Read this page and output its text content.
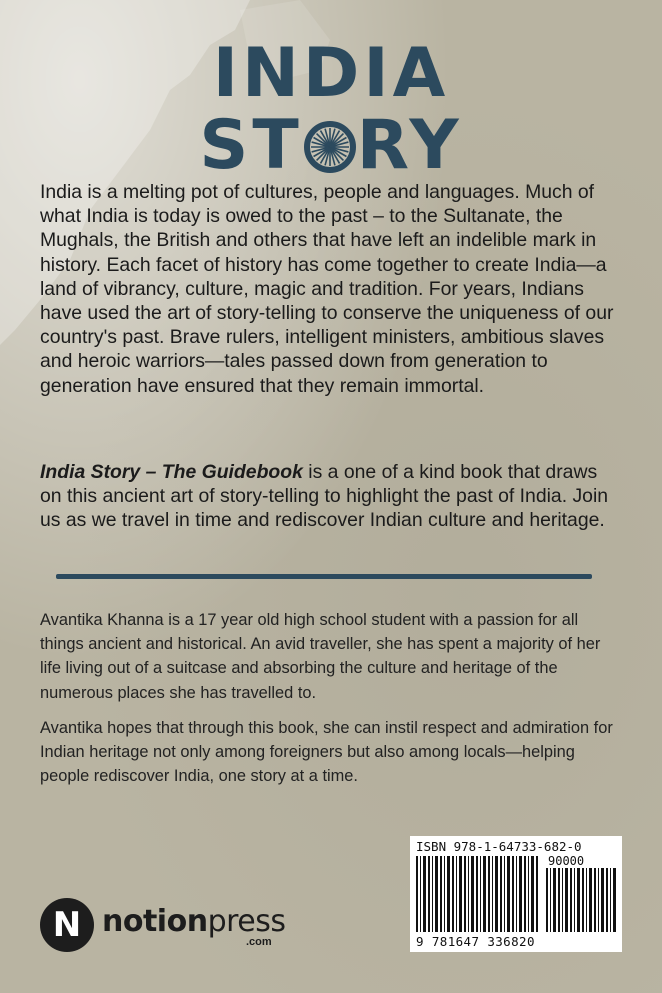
INDIA
ST RY
India is a melting pot of cultures, people and languages. Much of what India is today is owed to the past – to the Sultanate, the Mughals, the British and others that have left an indelible mark in history. Each facet of history has come together to create India—a land of vibrancy, culture, magic and tradition. For years, Indians have used the art of story-telling to conserve the uniqueness of our country's past. Brave rulers, intelligent ministers, ambitious slaves and heroic warriors—tales passed down from generation to generation have ensured that they remain immortal.
India Story – The Guidebook is a one of a kind book that draws on this ancient art of story-telling to highlight the past of India. Join us as we travel in time and rediscover Indian culture and heritage.
Avantika Khanna is a 17 year old high school student with a passion for all things ancient and historical. An avid traveller, she has spent a majority of her life living out of a suitcase and absorbing the culture and heritage of the numerous places she has travelled to.
Avantika hopes that through this book, she can instil respect and admiration for Indian heritage not only among foreigners but also among locals—helping people rediscover India, one story at a time.
N notionpress
.com
ISBN 978-1-64733-682-0
90000
9 781647 336820
